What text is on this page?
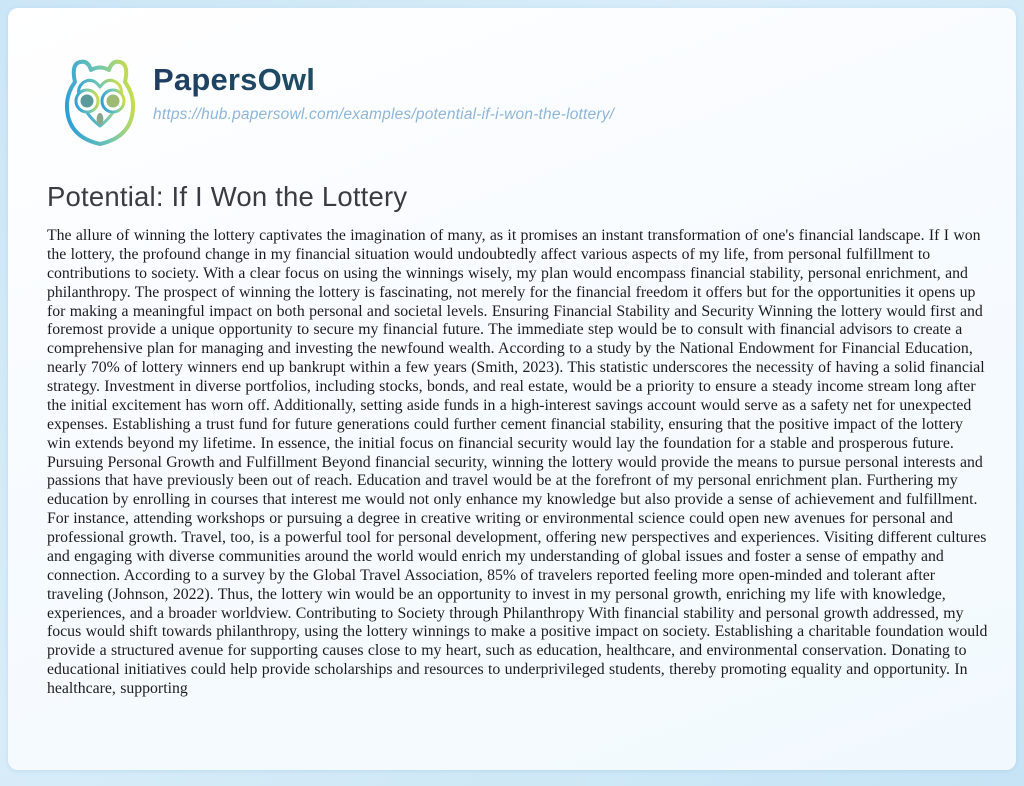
PapersOwl
https://hub.papersowl.com/examples/potential-if-i-won-the-lottery/
Potential: If I Won the Lottery
The allure of winning the lottery captivates the imagination of many, as it promises an instant transformation of one's financial landscape. If I won the lottery, the profound change in my financial situation would undoubtedly affect various aspects of my life, from personal fulfillment to contributions to society. With a clear focus on using the winnings wisely, my plan would encompass financial stability, personal enrichment, and philanthropy. The prospect of winning the lottery is fascinating, not merely for the financial freedom it offers but for the opportunities it opens up for making a meaningful impact on both personal and societal levels. Ensuring Financial Stability and Security Winning the lottery would first and foremost provide a unique opportunity to secure my financial future. The immediate step would be to consult with financial advisors to create a comprehensive plan for managing and investing the newfound wealth. According to a study by the National Endowment for Financial Education, nearly 70% of lottery winners end up bankrupt within a few years (Smith, 2023). This statistic underscores the necessity of having a solid financial strategy. Investment in diverse portfolios, including stocks, bonds, and real estate, would be a priority to ensure a steady income stream long after the initial excitement has worn off. Additionally, setting aside funds in a high-interest savings account would serve as a safety net for unexpected expenses. Establishing a trust fund for future generations could further cement financial stability, ensuring that the positive impact of the lottery win extends beyond my lifetime. In essence, the initial focus on financial security would lay the foundation for a stable and prosperous future. Pursuing Personal Growth and Fulfillment Beyond financial security, winning the lottery would provide the means to pursue personal interests and passions that have previously been out of reach. Education and travel would be at the forefront of my personal enrichment plan. Furthering my education by enrolling in courses that interest me would not only enhance my knowledge but also provide a sense of achievement and fulfillment. For instance, attending workshops or pursuing a degree in creative writing or environmental science could open new avenues for personal and professional growth. Travel, too, is a powerful tool for personal development, offering new perspectives and experiences. Visiting different cultures and engaging with diverse communities around the world would enrich my understanding of global issues and foster a sense of empathy and connection. According to a survey by the Global Travel Association, 85% of travelers reported feeling more open-minded and tolerant after traveling (Johnson, 2022). Thus, the lottery win would be an opportunity to invest in my personal growth, enriching my life with knowledge, experiences, and a broader worldview. Contributing to Society through Philanthropy With financial stability and personal growth addressed, my focus would shift towards philanthropy, using the lottery winnings to make a positive impact on society. Establishing a charitable foundation would provide a structured avenue for supporting causes close to my heart, such as education, healthcare, and environmental conservation. Donating to educational initiatives could help provide scholarships and resources to underprivileged students, thereby promoting equality and opportunity. In healthcare, supporting
